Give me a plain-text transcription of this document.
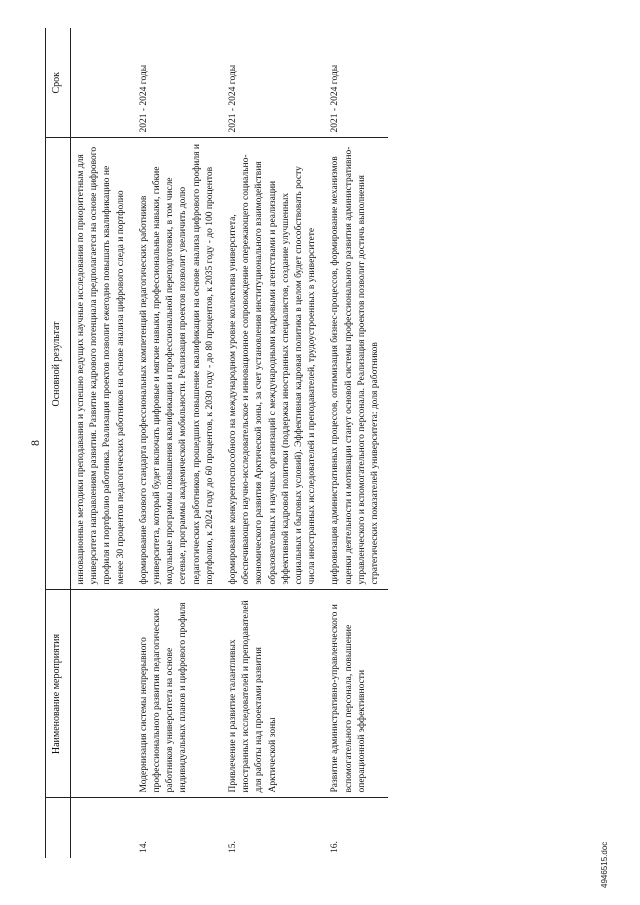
8
	Наименование мероприятия	Основной результат	Срок
		инновационные методики преподавания и успешно ведущих научные исследования по приоритетным для университета направлениям развития. Развитие кадрового потенциала предполагается на основе цифрового профиля и портфолио работника. Реализация проектов позволит ежегодно повышать квалификацию не менее 30 процентов педагогических работников на основе анализа цифрового следа и портфолио	
14.	Модернизация системы непрерывного профессионального развития педагогических работников университета на основе индивидуальных планов и цифрового профиля	формирование базового стандарта профессиональных компетенций педагогических работников университета, который будет включать цифровые и мягкие навыки, профессиональные навыки, гибкие модульные программы повышения квалификации и профессиональной переподготовки, в том числе сетевые, программы академической мобильности. Реализация проектов позволит увеличить долю педагогических работников, прошедших повышение квалификации на основе анализа цифрового профиля и портфолио, к 2024 году до 60 процентов, к 2030 году - до 80 процентов, к 2035 году - до 100 процентов	2021 - 2024 годы
15.	Привлечение и развитие талантливых иностранных исследователей и преподавателей для работы над проектами развития Арктической зоны	формирование конкурентоспособного на международном уровне коллектива университета, обеспечивающего научно-исследовательское и инновационное сопровождение опережающего социально-экономического развития Арктической зоны, за счет установления институционального взаимодействия образовательных и научных организаций с международными кадровыми агентствами и реализации эффективной кадровой политики (поддержка иностранных специалистов, создание улучшенных социальных и бытовых условий). Эффективная кадровая политика в целом будет способствовать росту числа иностранных исследователей и преподавателей, трудоустроенных в университете	2021 - 2024 годы
16.	Развитие административно-управленческого и вспомогательного персонала, повышение операционной эффективности	цифровизация административных процессов, оптимизация бизнес-процессов, формирование механизмов оценки деятельности и мотивации станут основой системы профессионального развития административно-управленческого и вспомогательного персонала. Реализация проектов позволит достичь выполнения стратегических показателей университета: доля работников	2021 - 2024 годы
4946515.doc
